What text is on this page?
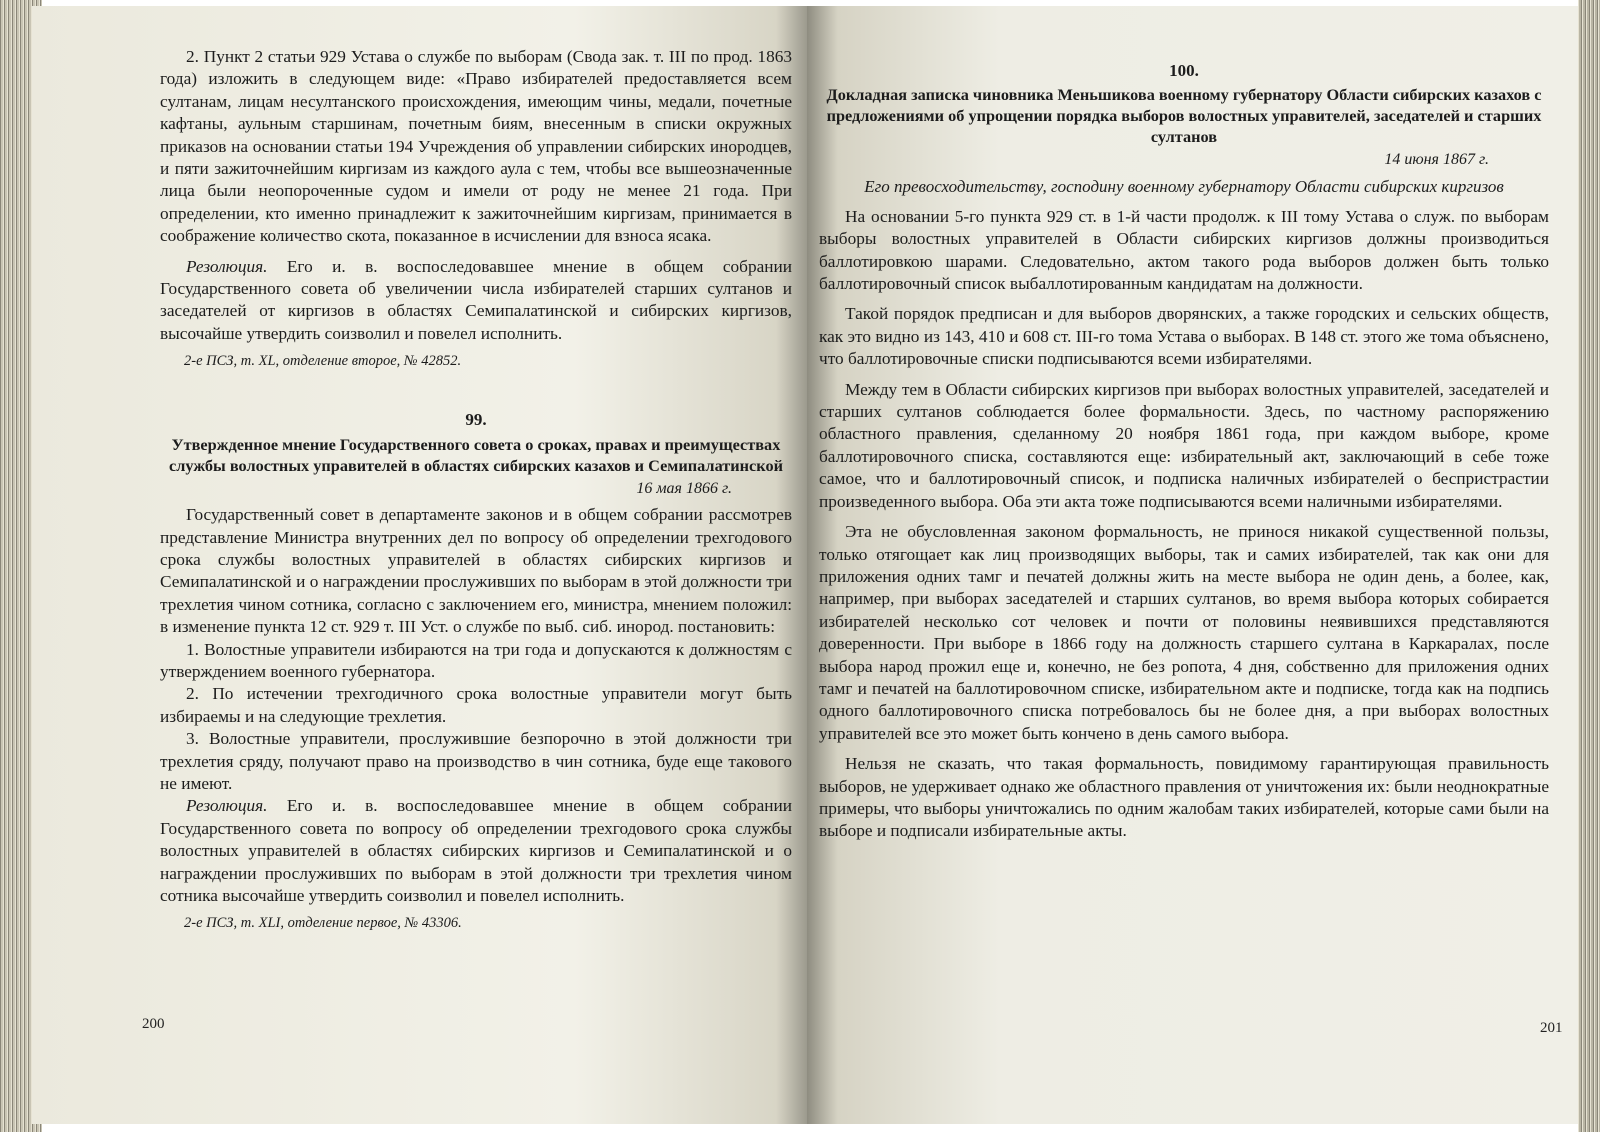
2. Пункт 2 статьи 929 Устава о службе по выборам (Свода зак. т. III по прод. 1863 года) изложить в следующем виде: «Право избирателей предоставляется всем султанам, лицам несултанского происхождения, имеющим чины, медали, почетные кафтаны, аульным старшинам, почетным биям, внесенным в списки окружных приказов на основании статьи 194 Учреждения об управлении сибирских инородцев, и пяти зажиточнейшим киргизам из каждого аула с тем, чтобы все вышеозначенные лица были неопороченные судом и имели от роду не менее 21 года. При определении, кто именно принадлежит к зажиточнейшим киргизам, принимается в соображение количество скота, показанное в исчислении для взноса ясака.

Резолюция. Его и. в. воспоследовавшее мнение в общем собрании Государственного совета об увеличении числа избирателей старших султанов и заседателей от киргизов в областях Семипалатинской и сибирских киргизов, высочайше утвердить соизволил и повелел исполнить.

2-е ПСЗ, т. XL, отделение второе, № 42852.

99.
Утвержденное мнение Государственного совета о сроках, правах и преимуществах службы волостных управителей в областях сибирских казахов и Семипалатинской
16 мая 1866 г.

Государственный совет в департаменте законов и в общем собрании рассмотрев представление Министра внутренних дел по вопросу об определении трехгодового срока службы волостных управителей в областях сибирских киргизов и Семипалатинской и о награждении прослуживших по выборам в этой должности три трехлетия чином сотника, согласно с заключением его, министра, мнением положил: в изменение пункта 12 ст. 929 т. III Уст. о службе по выб. сиб. инород. постановить:

1. Волостные управители избираются на три года и допускаются к должностям с утверждением военного губернатора.

2. По истечении трехгодичного срока волостные управители могут быть избираемы и на следующие трехлетия.

3. Волостные управители, прослужившие безпорочно в этой должности три трехлетия сряду, получают право на производство в чин сотника, буде еще такового не имеют.

Резолюция. Его и. в. воспоследовавшее мнение в общем собрании Государственного совета по вопросу об определении трехгодового срока службы волостных управителей в областях сибирских киргизов и Семипалатинской и о награждении прослуживших по выборам в этой должности три трехлетия чином сотника высочайше утвердить соизволил и повелел исполнить.

2-е ПСЗ, т. XLI, отделение первое, № 43306.

200
100.
Докладная записка чиновника Меньшикова военному губернатору Области сибирских казахов с предложениями об упрощении порядка выборов волостных управителей, заседателей и старших султанов
14 июня 1867 г.
Его превосходительству, господину военному губернатору Области сибирских киргизов

На основании 5-го пункта 929 ст. в 1-й части продолж. к III тому Устава о служ. по выборам выборы волостных управителей в Области сибирских киргизов должны производиться баллотировкою шарами. Следовательно, актом такого рода выборов должен быть только баллотировочный список выбаллотированным кандидатам на должности.

Такой порядок предписан и для выборов дворянских, а также городских и сельских обществ, как это видно из 143, 410 и 608 ст. III-го тома Устава о выборах. В 148 ст. этого же тома объяснено, что баллотировочные списки подписываются всеми избирателями.

Между тем в Области сибирских киргизов при выборах волостных управителей, заседателей и старших султанов соблюдается более формальности. Здесь, по частному распоряжению областного правления, сделанному 20 ноября 1861 года, при каждом выборе, кроме баллотировочного списка, составляются еще: избирательный акт, заключающий в себе тоже самое, что и баллотировочный список, и подписка наличных избирателей о беспристрастии произведенного выбора. Оба эти акта тоже подписываются всеми наличными избирателями.

Эта не обусловленная законом формальность, не принося никакой существенной пользы, только отягощает как лиц производящих выборы, так и самих избирателей, так как они для приложения одних тамг и печатей должны жить на месте выбора не один день, а более, как, например, при выборах заседателей и старших султанов, во время выбора которых собирается избирателей несколько сот человек и почти от половины неявившихся представляются доверенности. При выборе в 1866 году на должность старшего султана в Каркаралах, после выбора народ прожил еще и, конечно, не без ропота, 4 дня, собственно для приложения одних тамг и печатей на баллотировочном списке, избирательном акте и подписке, тогда как на подпись одного баллотировочного списка потребовалось бы не более дня, а при выборах волостных управителей все это может быть кончено в день самого выбора.

Нельзя не сказать, что такая формальность, повидимому гарантирующая правильность выборов, не удерживает однако же областного правления от уничтожения их: были неоднократные примеры, что выборы уничтожались по одним жалобам таких избирателей, которые сами были на выборе и подписали избирательные акты.

201
